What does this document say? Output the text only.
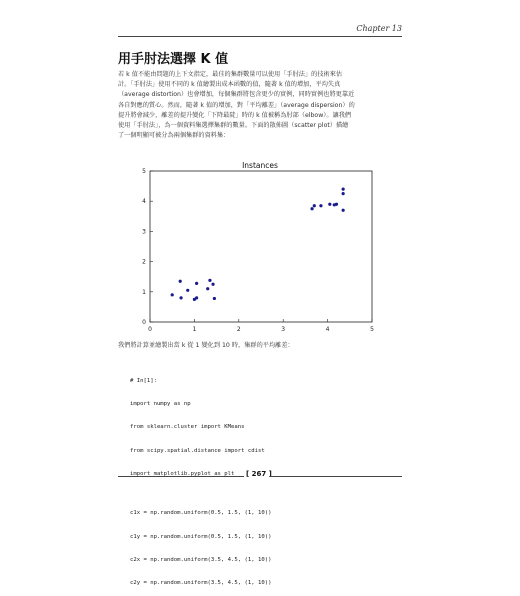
Chapter 13
用手肘法選擇 K 值

若 k 值不能由問題的上下文指定，最佳的集群數量可以使用「手肘法」的技術來估

計。「手肘法」使用不同的 k 值繪製出成本函數的值，隨著 k 值的增加，平均失真

（average distortion）也會增加，每個集群將包含更少的實例，同時實例也將更靠近

各自對應的質心。然而，隨著 k 值的增加，對「平均離差」（average dispersion）的

提升將會減少，離差的提升變化「下降最陡」時的 k 值被稱為肘部（elbow）。讓我們

使用「手肘法」，為一個資料集選擇集群的數量。下面的散佈圖（scatter plot）描繪

了一個明顯可被分為兩個集群的資料集：

Instances
0	1	2	3	4	5
0
1
2
3
4
5
我們將計算並繪製出當 k 從 1 變化到 10 時，集群的平均離差：

# In[1]:

import numpy as np

from sklearn.cluster import KMeans

from scipy.spatial.distance import cdist

import matplotlib.pyplot as plt

c1x = np.random.uniform(0.5, 1.5, (1, 10))

c1y = np.random.uniform(0.5, 1.5, (1, 10))

c2x = np.random.uniform(3.5, 4.5, (1, 10))

c2y = np.random.uniform(3.5, 4.5, (1, 10))

[ 267 ]
